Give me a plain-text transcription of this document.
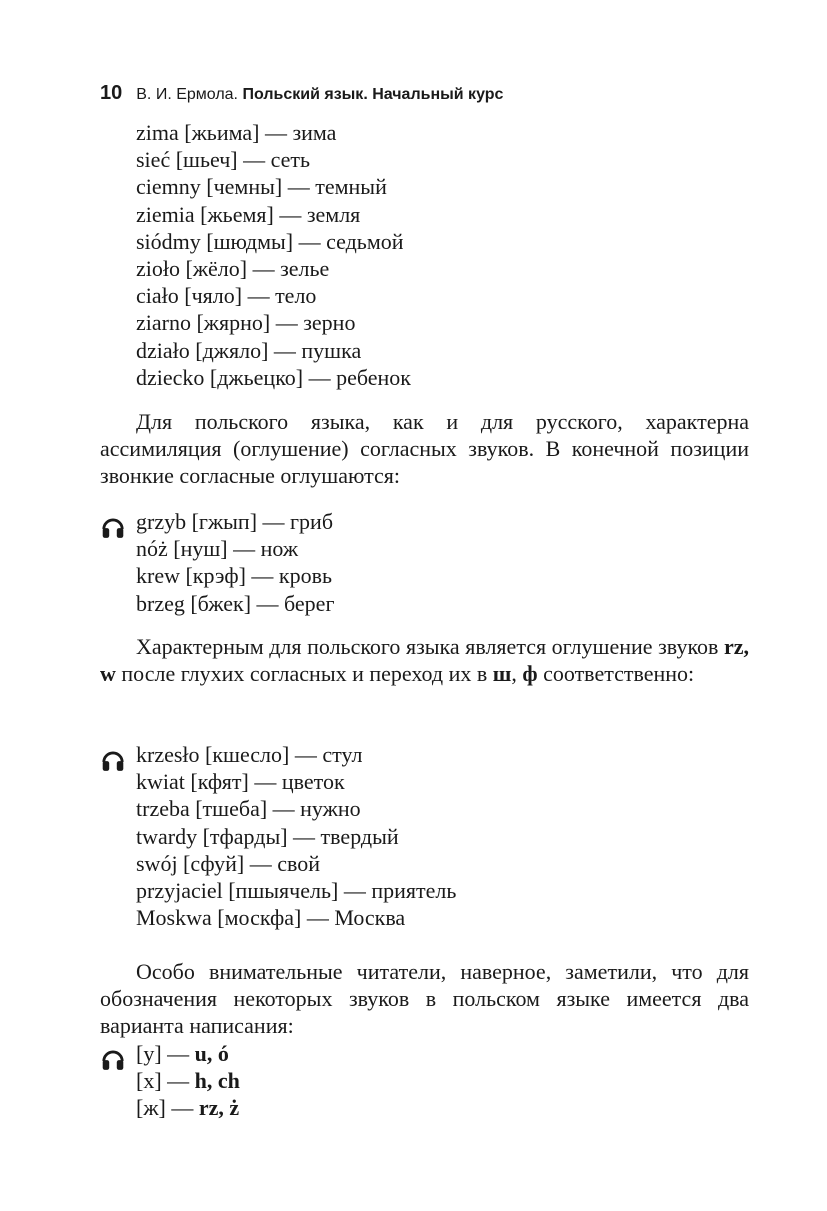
10 В. И. Ермола. Польский язык. Начальный курс
zima [жьима] — зима
sieć [шьеч] — сеть
ciemny [чемны] — темный
ziemia [жьемя] — земля
siódmy [шюдмы] — седьмой
zioło [жёло] — зелье
ciało [чяло] — тело
ziarno [жярно] — зерно
działo [джяло] — пушка
dziecko [джьецко] — ребенок

Для польского языка, как и для русского, характерна ассимиляция (оглушение) согласных звуков. В конечной позиции звонкие согласные оглушаются:

grzyb [гжып] — гриб
nóż [нуш] — нож
krew [крэф] — кровь
brzeg [бжек] — берег

Характерным для польского языка является оглушение звуков rz, w после глухих согласных и переход их в ш, ф соответственно:

krzesło [кшесло] — стул
kwiat [кфят] — цветок
trzeba [тшеба] — нужно
twardy [тфарды] — твердый
swój [сфуй] — свой
przyjaciel [пшыячель] — приятель
Moskwa [москфа] — Москва

Особо внимательные читатели, наверное, заметили, что для обозначения некоторых звуков в польском языке имеется два варианта написания:

[у] — u, ó
[х] — h, ch
[ж] — rz, ż
